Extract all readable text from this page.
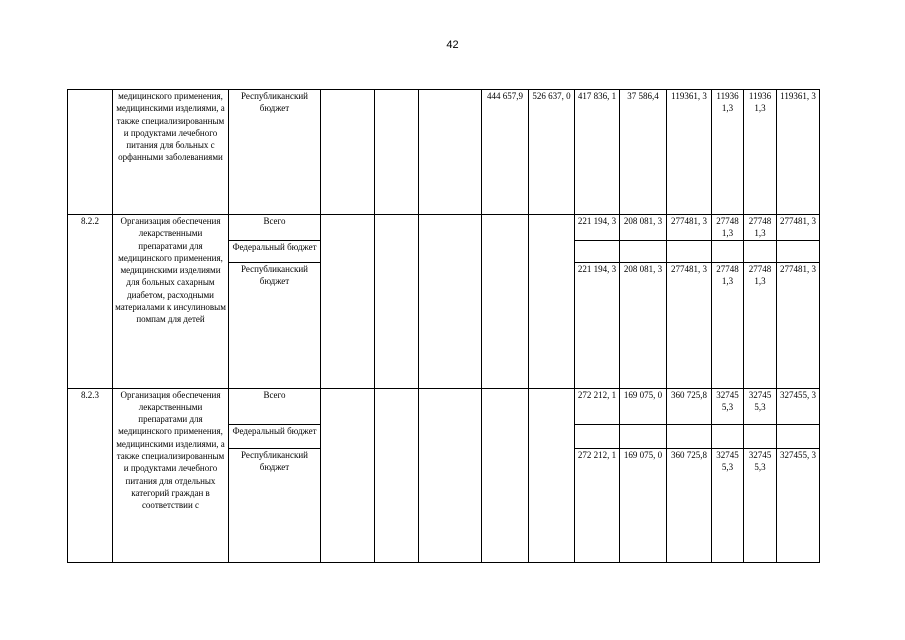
42
	медицинского применения, медицинскими изделиями, а также специализированным и продуктами лечебного питания для больных с орфанными заболеваниями	Республиканский бюджет				444 657,9	526 637, 0	417 836, 1	37 586,4	119361, 3	11936 1,3	11936 1,3	119361, 3
8.2.2	Организация обеспечения лекарственными препаратами для медицинского применения, медицинскими изделиями для больных сахарным диабетом, расходными материалами к инсулиновым помпам для детей	Всего						221 194, 3	208 081, 3	277481, 3	27748 1,3	27748 1,3	277481, 3
		Федеральный бюджет											
		Республиканский бюджет						221 194, 3	208 081, 3	277481, 3	27748 1,3	27748 1,3	277481, 3
8.2.3	Организация обеспечения лекарственными препаратами для медицинского применения, медицинскими изделиями, а также специализированным и продуктами лечебного питания для отдельных категорий граждан в соответствии с	Всего						272 212, 1	169 075, 0	360 725,8	32745 5,3	32745 5,3	327455, 3
		Федеральный бюджет											
		Республиканский бюджет						272 212, 1	169 075, 0	360 725,8	32745 5,3	32745 5,3	327455, 3
